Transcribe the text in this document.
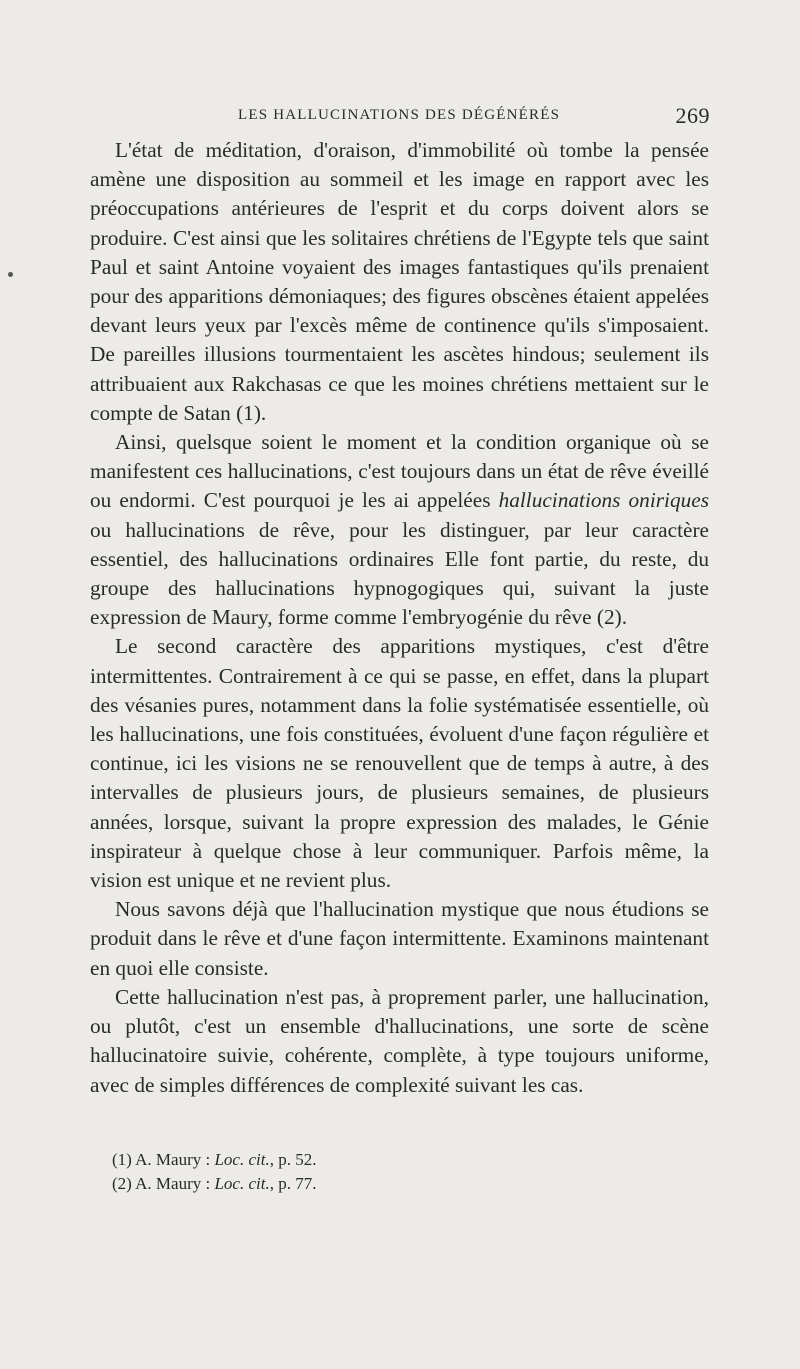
LES HALLUCINATIONS DES DÉGÉNÉRÉS	269

L'état de méditation, d'oraison, d'immobilité où tombe la pensée amène une disposition au sommeil et les image en rapport avec les préoccupations antérieures de l'esprit et du corps doivent alors se produire. C'est ainsi que les solitaires chrétiens de l'Egypte tels que saint Paul et saint Antoine voyaient des images fantastiques qu'ils prenaient pour des apparitions démoniaques; des figures obscènes étaient appelées devant leurs yeux par l'excès même de continence qu'ils s'imposaient. De pareilles illusions tourmentaient les ascètes hindous; seulement ils attribuaient aux Rakchasas ce que les moines chrétiens mettaient sur le compte de Satan (1).

Ainsi, quelsque soient le moment et la condition organique où se manifestent ces hallucinations, c'est toujours dans un état de rêve éveillé ou endormi. C'est pourquoi je les ai appelées hallucinations oniriques ou hallucinations de rêve, pour les distinguer, par leur caractère essentiel, des hallucinations ordinaires Elle font partie, du reste, du groupe des hallucinations hypnogogiques qui, suivant la juste expression de Maury, forme comme l'embryogénie du rêve (2).

Le second caractère des apparitions mystiques, c'est d'être intermittentes. Contrairement à ce qui se passe, en effet, dans la plupart des vésanies pures, notamment dans la folie systématisée essentielle, où les hallucinations, une fois constituées, évoluent d'une façon régulière et continue, ici les visions ne se renouvellent que de temps à autre, à des intervalles de plusieurs jours, de plusieurs semaines, de plusieurs années, lorsque, suivant la propre expression des malades, le Génie inspirateur à quelque chose à leur communiquer. Parfois même, la vision est unique et ne revient plus.

Nous savons déjà que l'hallucination mystique que nous étudions se produit dans le rêve et d'une façon intermittente. Examinons maintenant en quoi elle consiste.

Cette hallucination n'est pas, à proprement parler, une hallucination, ou plutôt, c'est un ensemble d'hallucinations, une sorte de scène hallucinatoire suivie, cohérente, complète, à type toujours uniforme, avec de simples différences de complexité suivant les cas.

(1) A. Maury : Loc. cit., p. 52.

(2) A. Maury : Loc. cit., p. 77.
